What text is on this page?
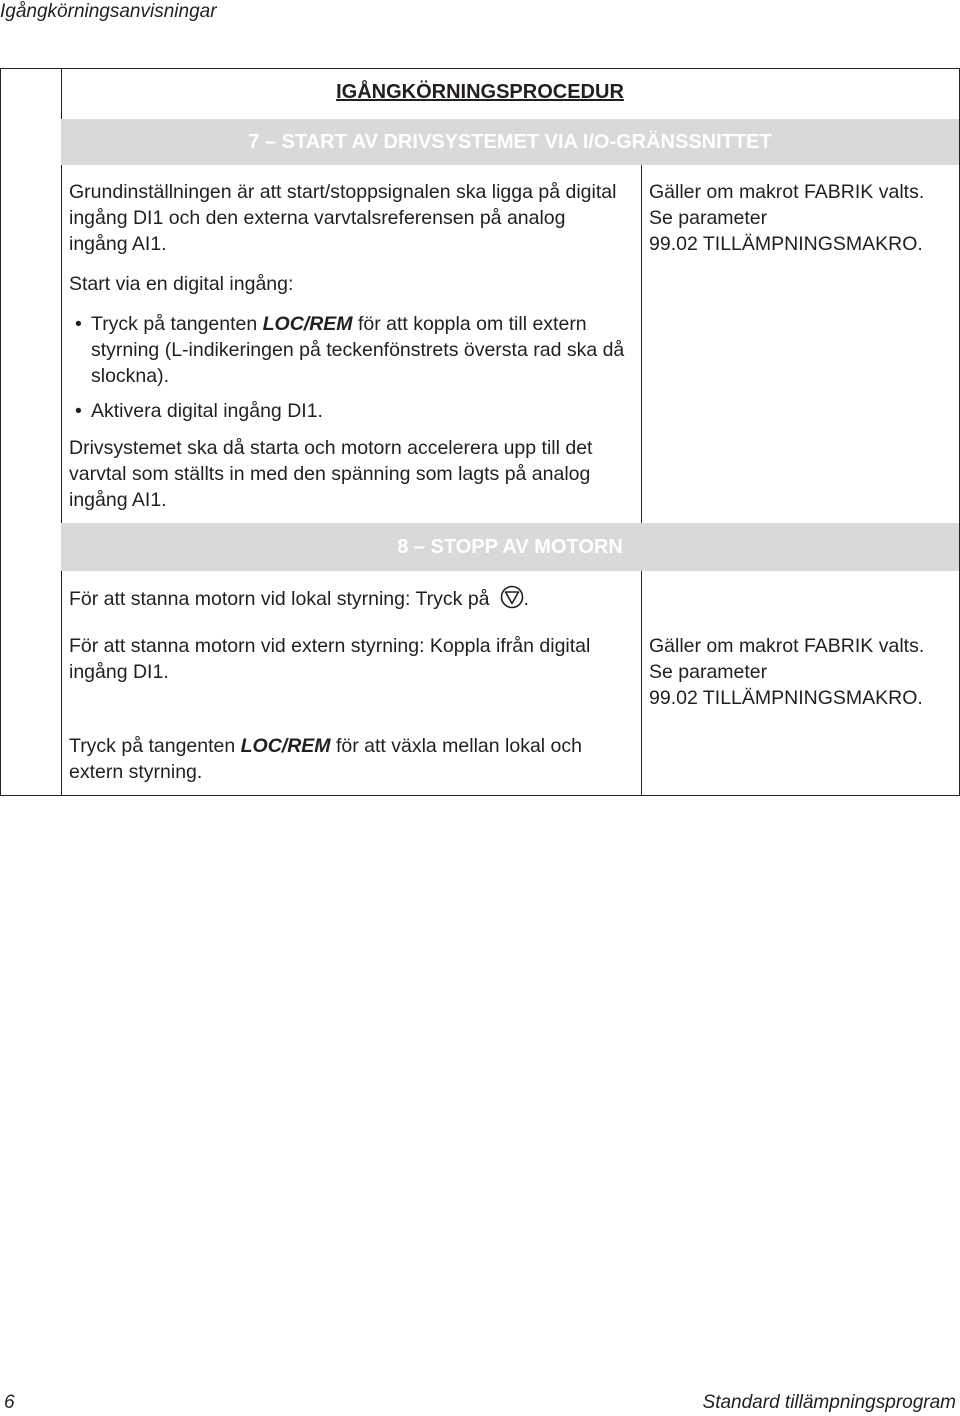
Igångkörningsanvisningar
IGÅNGKÖRNINGSPROCEDUR
7 – START AV DRIVSYSTEMET VIA I/O-GRÄNSSNITTET
Grundinställningen är att start/stoppsignalen ska ligga på digital ingång DI1 och den externa varvtalsreferensen på analog ingång AI1.
Start via en digital ingång:
• Tryck på tangenten LOC/REM för att koppla om till extern styrning (L-indikeringen på teckenfönstrets översta rad ska då slockna).
• Aktivera digital ingång DI1.
Drivsystemet ska då starta och motorn accelerera upp till det varvtal som ställts in med den spänning som lagts på analog ingång AI1.
Gäller om makrot FABRIK valts.
Se parameter
99.02 TILLÄMPNINGSMAKRO.
8 – STOPP AV MOTORN
För att stanna motorn vid lokal styrning: Tryck på .
För att stanna motorn vid extern styrning: Koppla ifrån digital ingång DI1.
Gäller om makrot FABRIK valts.
Se parameter
99.02 TILLÄMPNINGSMAKRO.
Tryck på tangenten LOC/REM för att växla mellan lokal och extern styrning.
6	Standard tillämpningsprogram
